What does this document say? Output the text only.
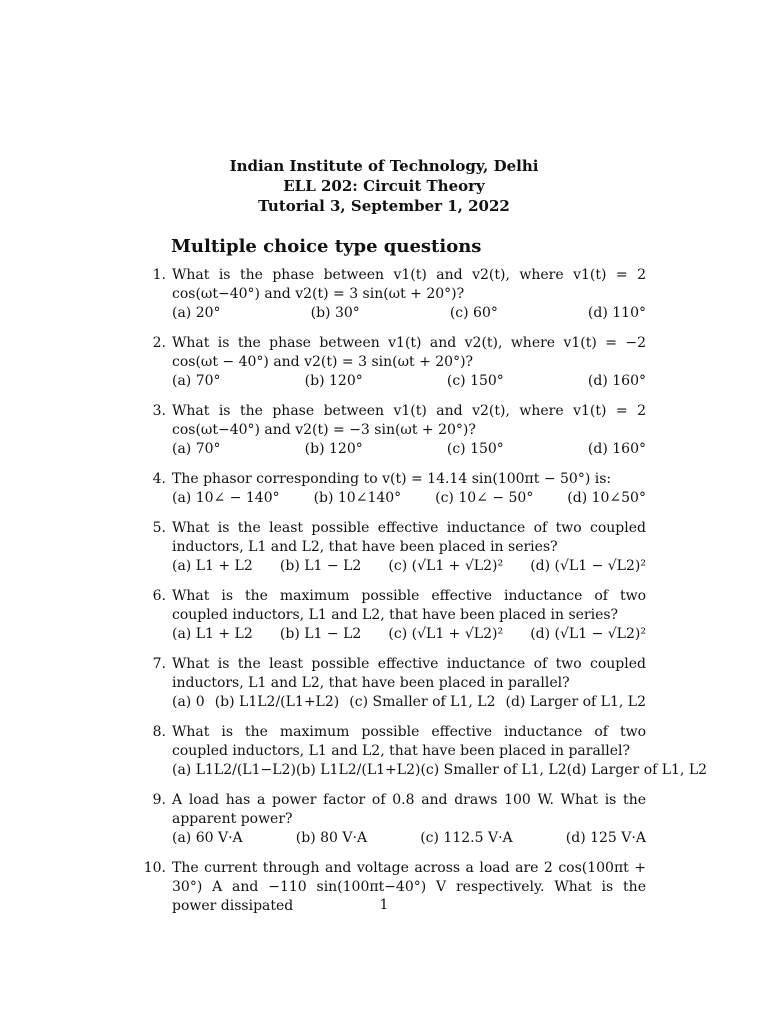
Indian Institute of Technology, Delhi
ELL 202: Circuit Theory
Tutorial 3, September 1, 2022
Multiple choice type questions
1. What is the phase between v1(t) and v2(t), where v1(t) = 2 cos(ωt−40°) and v2(t) = 3 sin(ωt + 20°)?
(a) 20°	(b) 30°	(c) 60°	(d) 110°
2. What is the phase between v1(t) and v2(t), where v1(t) = −2 cos(ωt − 40°) and v2(t) = 3 sin(ωt + 20°)?
(a) 70°	(b) 120°	(c) 150°	(d) 160°
3. What is the phase between v1(t) and v2(t), where v1(t) = 2 cos(ωt−40°) and v2(t) = −3 sin(ωt + 20°)?
(a) 70°	(b) 120°	(c) 150°	(d) 160°
4. The phasor corresponding to v(t) = 14.14 sin(100πt − 50°) is:
(a) 10∠ − 140° (b) 10∠140° (c) 10∠ − 50° (d) 10∠50°
5. What is the least possible effective inductance of two coupled inductors, L1 and L2, that have been placed in series?
(a) L1 + L2 (b) L1 − L2 (c) (√L1 + √L2)² (d) (√L1 − √L2)²
6. What is the maximum possible effective inductance of two coupled inductors, L1 and L2, that have been placed in series?
(a) L1 + L2 (b) L1 − L2 (c) (√L1 + √L2)² (d) (√L1 − √L2)²
7. What is the least possible effective inductance of two coupled inductors, L1 and L2, that have been placed in parallel?
(a) 0 (b) L1L2/(L1+L2) (c) Smaller of L1, L2 (d) Larger of L1, L2
8. What is the maximum possible effective inductance of two coupled inductors, L1 and L2, that have been placed in parallel?
(a) L1L2/(L1−L2) (b) L1L2/(L1+L2) (c) Smaller of L1, L2 (d) Larger of L1, L2
9. A load has a power factor of 0.8 and draws 100 W. What is the apparent power?
(a) 60 V·A	(b) 80 V·A	(c) 112.5 V·A	(d) 125 V·A
10. The current through and voltage across a load are 2 cos(100πt + 30°) A and −110 sin(100πt−40°) V respectively. What is the power dissipated	1
